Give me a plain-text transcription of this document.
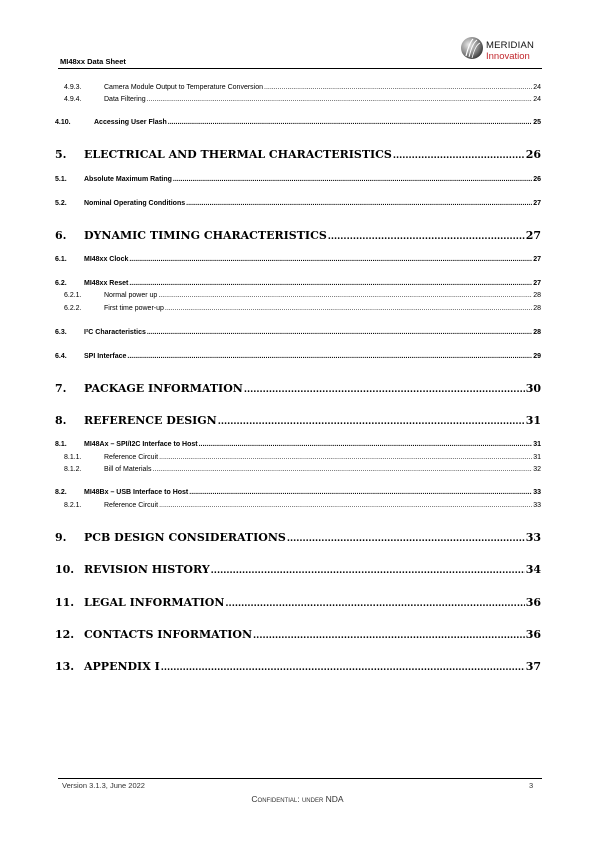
MI48xx Data Sheet
MERIDIAN
Innovation
4.9.3.	Camera Module Output to Temperature Conversion .....	24
4.9.4.	Data Filtering .....	24
4.10.	Accessing User Flash .....	25
5. ELECTRICAL AND THERMAL CHARACTERISTICS .....	26
5.1. Absolute Maximum Rating .....	26
5.2. Nominal Operating Conditions .....	27
6. DYNAMIC TIMING CHARACTERISTICS .....	27
6.1. MI48xx Clock .....	27
6.2. MI48xx Reset .....	27
6.2.1.	Normal power up .....	28
6.2.2.	First time power-up .....	28
6.3. I²C Characteristics .....	28
6.4. SPI Interface .....	29
7. PACKAGE INFORMATION .....	30
8. REFERENCE DESIGN .....	31
8.1. MI48Ax – SPI/I2C Interface to Host .....	31
8.1.1.	Reference Circuit .....	31
8.1.2.	Bill of Materials .....	32
8.2. MI48Bx – USB Interface to Host .....	33
8.2.1.	Reference Circuit .....	33
9. PCB DESIGN CONSIDERATIONS .....	33
10. REVISION HISTORY .....	34
11. LEGAL INFORMATION .....	36
12. CONTACTS INFORMATION .....	36
13. APPENDIX I .....	37
Version 3.1.3, June 2022	3
Confidential: under NDA
